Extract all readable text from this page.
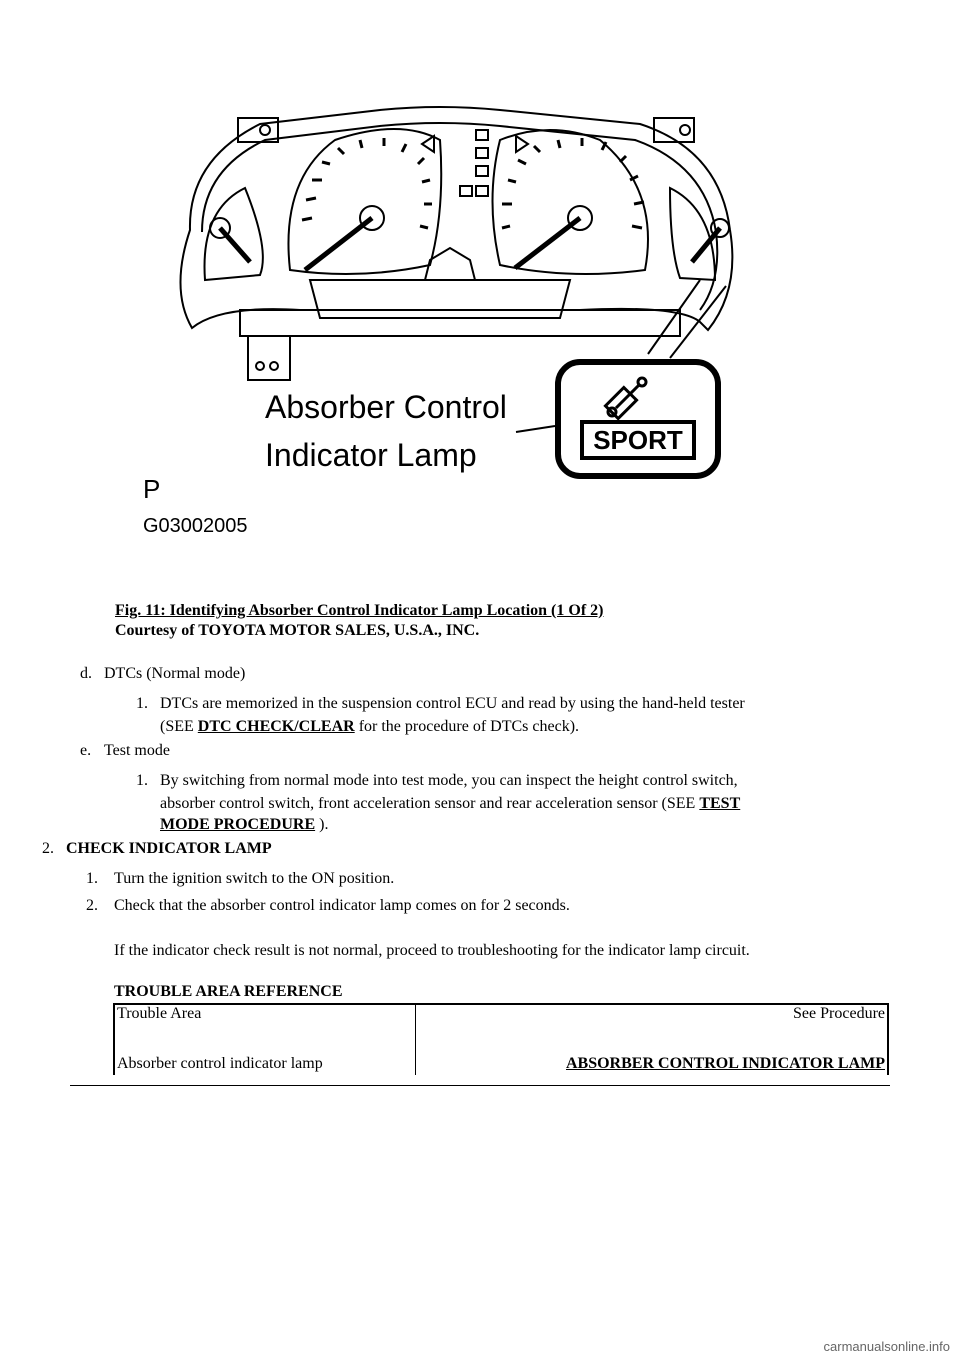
SPORT
Absorber Control
Indicator Lamp
P
G03002005
Fig. 11: Identifying Absorber Control Indicator Lamp Location (1 Of 2)
Courtesy of TOYOTA MOTOR SALES, U.S.A., INC.
d. DTCs (Normal mode)
1. DTCs are memorized in the suspension control ECU and read by using the hand-held tester
(SEE DTC CHECK/CLEAR for the procedure of DTCs check).
e. Test mode
1. By switching from normal mode into test mode, you can inspect the height control switch,
absorber control switch, front acceleration sensor and rear acceleration sensor (SEE TEST
MODE PROCEDURE ).
2. CHECK INDICATOR LAMP
1. Turn the ignition switch to the ON position.
2. Check that the absorber control indicator lamp comes on for 2 seconds.
If the indicator check result is not normal, proceed to troubleshooting for the indicator lamp circuit.
TROUBLE AREA REFERENCE
Trouble Area	See Procedure
Absorber control indicator lamp	ABSORBER CONTROL INDICATOR LAMP
carmanualsonline.info
